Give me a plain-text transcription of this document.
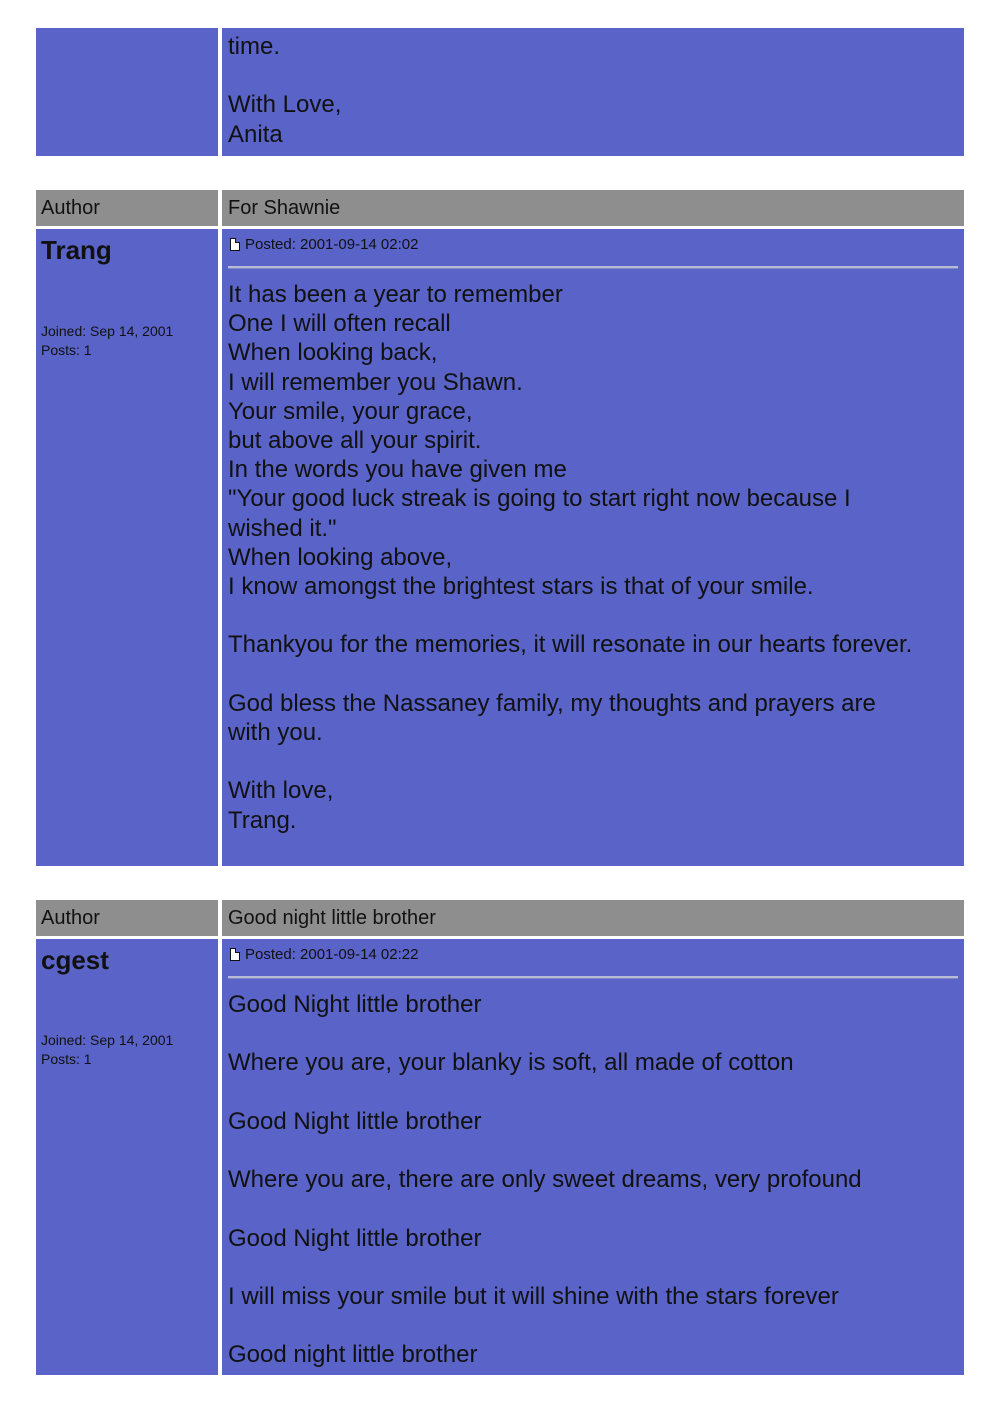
time.

With Love,

Anita

Author	For Shawnie
Trang
Joined: Sep 14, 2001
Posts: 1
Posted: 2001-09-14 02:02

It has been a year to remember

One I will often recall

When looking back,

I will remember you Shawn.

Your smile, your grace,

but above all your spirit.

In the words you have given me

"Your good luck streak is going to start right now because I

wished it."

When looking above,

I know amongst the brightest stars is that of your smile.

Thankyou for the memories, it will resonate in our hearts forever.

God bless the Nassaney family, my thoughts and prayers are

with you.

With love,

Trang.

Author	Good night little brother
cgest
Joined: Sep 14, 2001
Posts: 1
Posted: 2001-09-14 02:22

Good Night little brother

Where you are, your blanky is soft, all made of cotton

Good Night little brother

Where you are, there are only sweet dreams, very profound

Good Night little brother

I will miss your smile but it will shine with the stars forever

Good night little brother
